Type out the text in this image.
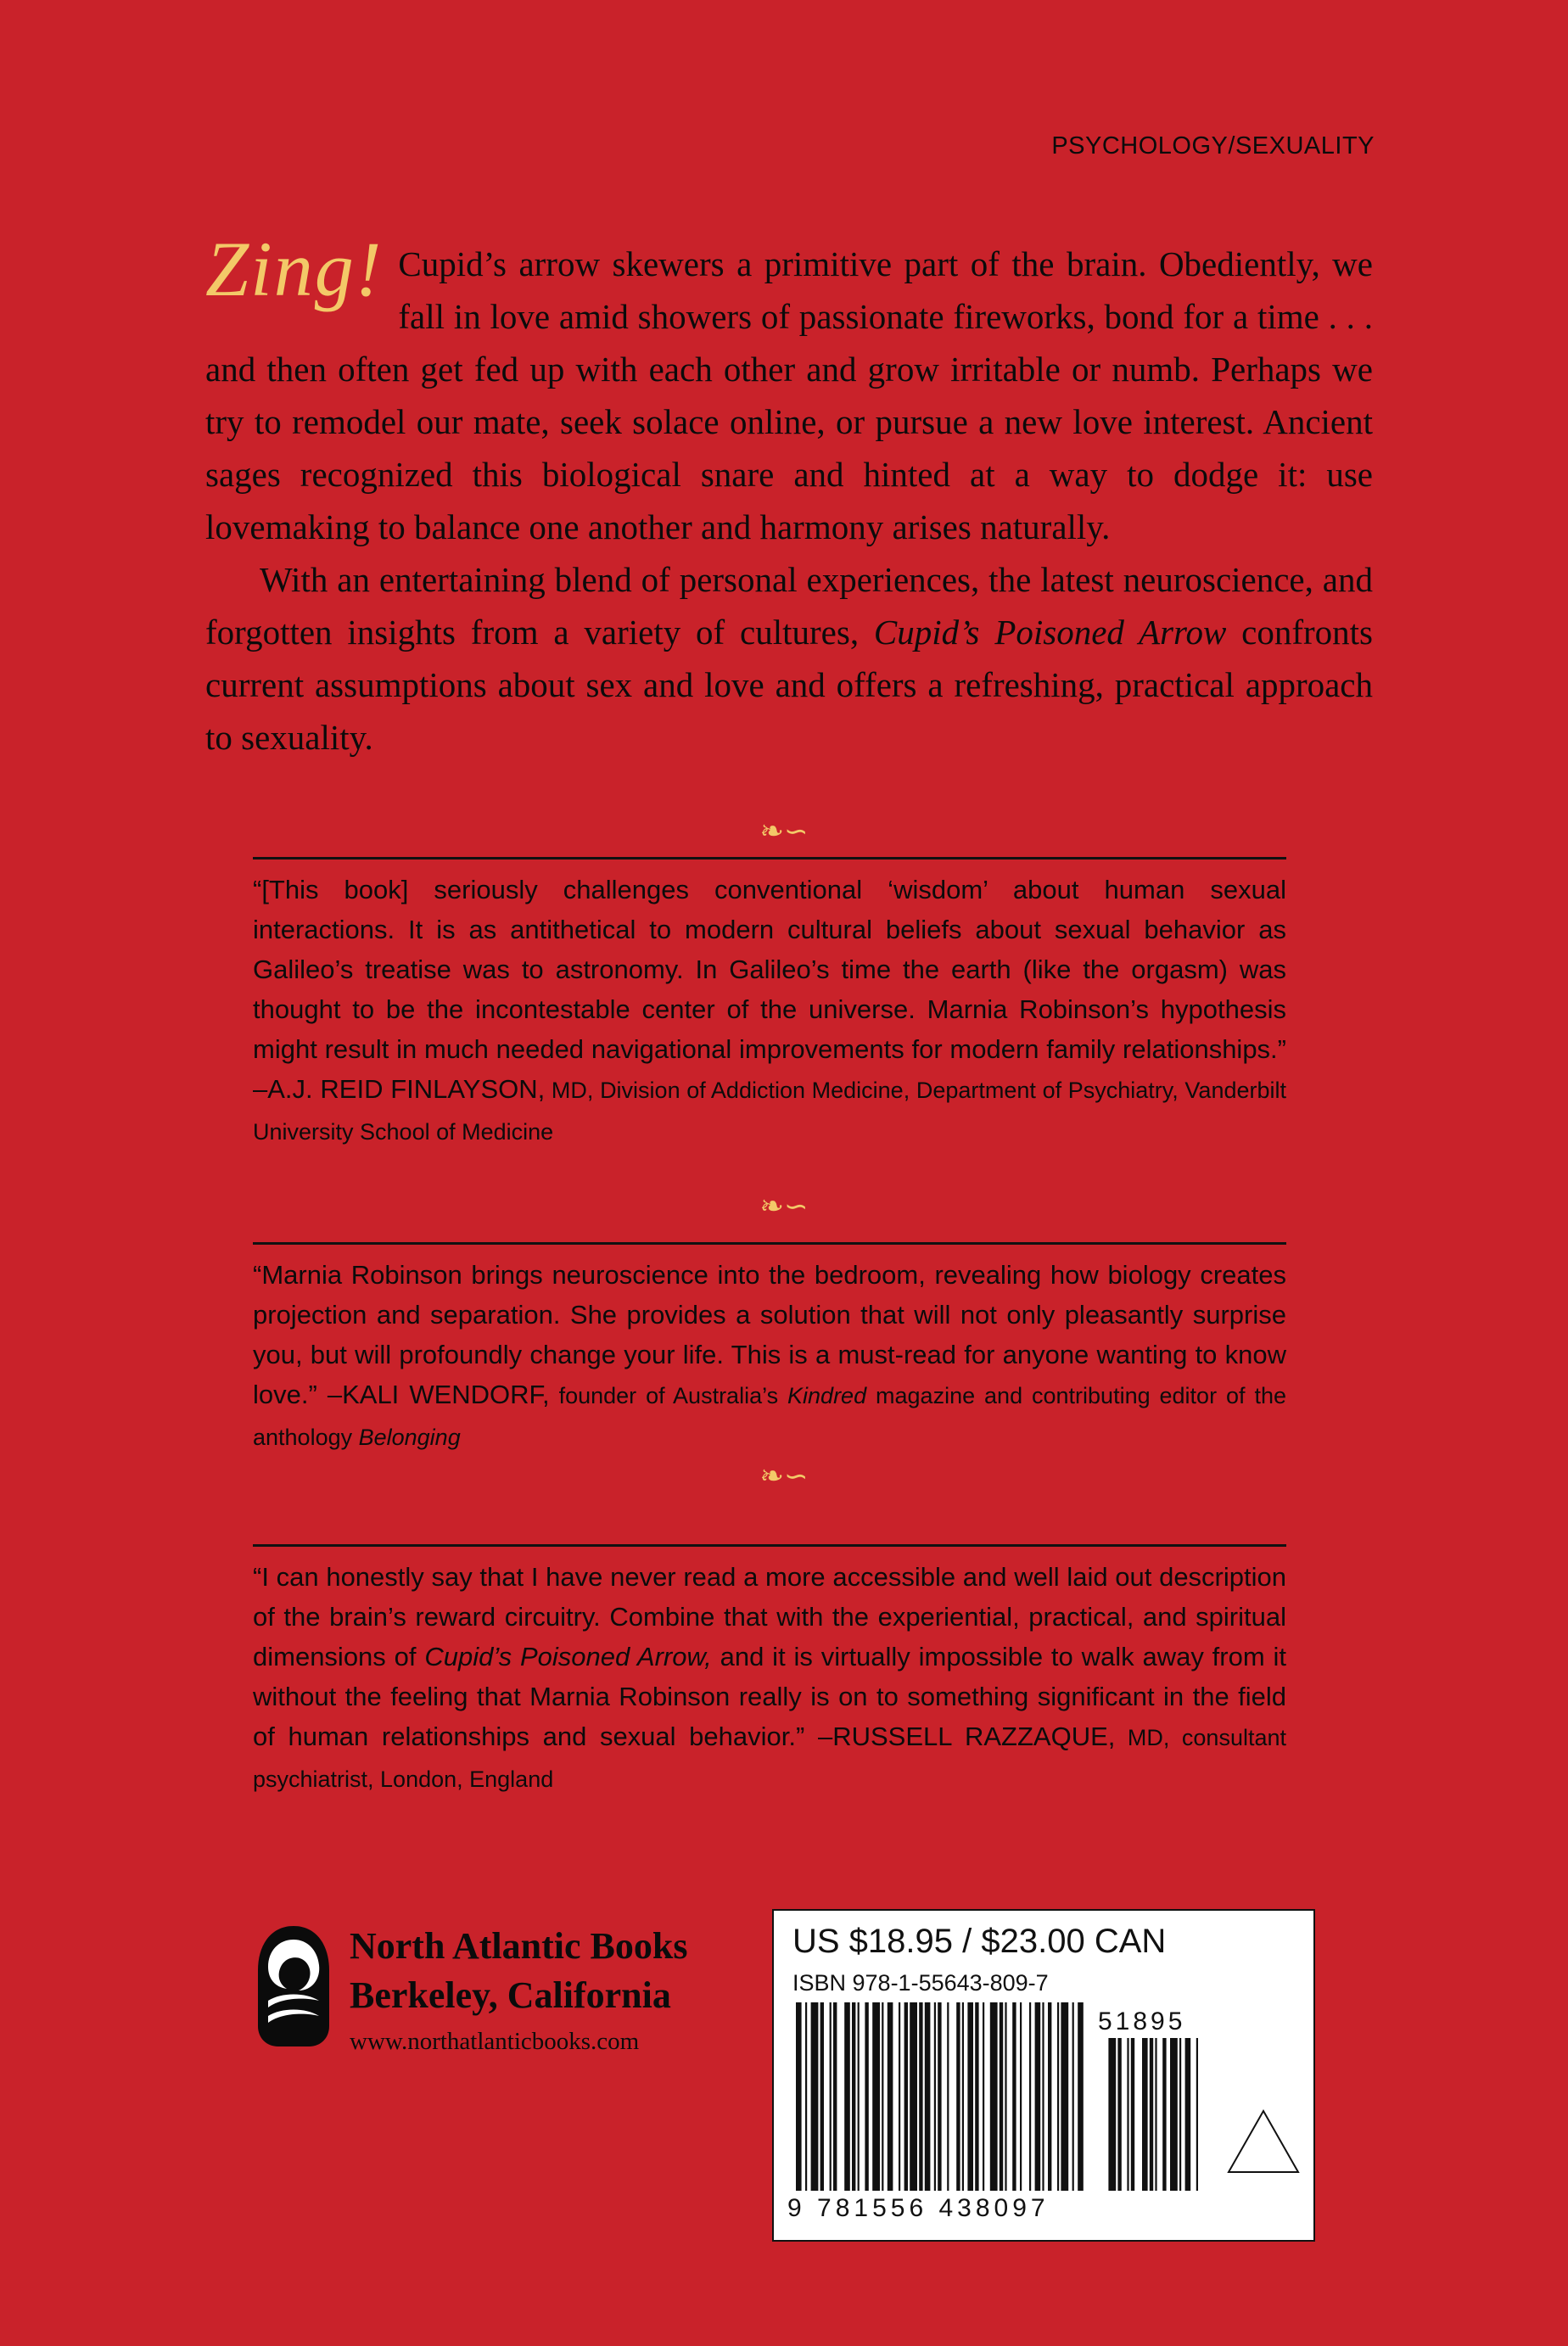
PSYCHOLOGY/SEXUALITY

Zing! Cupid’s arrow skewers a primitive part of the brain. Obediently, we fall in love amid showers of passionate fireworks, bond for a time . . . and then often get fed up with each other and grow irritable or numb. Perhaps we try to remodel our mate, seek solace online, or pursue a new love interest. Ancient sages recognized this biological snare and hinted at a way to dodge it: use lovemaking to balance one another and harmony arises naturally.

With an entertaining blend of personal experiences, the latest neuroscience, and forgotten insights from a variety of cultures, Cupid’s Poisoned Arrow confronts current assumptions about sex and love and offers a refreshing, practical approach to sexuality.

❧∽

“[This book] seriously challenges conventional ‘wisdom’ about human sexual interactions. It is as antithetical to modern cultural beliefs about sexual behavior as Galileo’s treatise was to astronomy. In Galileo’s time the earth (like the orgasm) was thought to be the incontestable center of the universe. Marnia Robinson’s hypothesis might result in much needed navigational improvements for modern family relationships.” –A.J. REID FINLAYSON, MD, Division of Addiction Medicine, Department of Psychiatry, Vanderbilt University School of Medicine

❧∽

“Marnia Robinson brings neuroscience into the bedroom, revealing how biology creates projection and separation. She provides a solution that will not only pleasantly surprise you, but will profoundly change your life. This is a must-read for anyone wanting to know love.” –KALI WENDORF, founder of Australia’s Kindred magazine and contributing editor of the anthology Belonging

❧∽

“I can honestly say that I have never read a more accessible and well laid out description of the brain’s reward circuitry. Combine that with the experiential, practical, and spiritual dimensions of Cupid’s Poisoned Arrow, and it is virtually impossible to walk away from it without the feeling that Marnia Robinson really is on to something significant in the field of human relationships and sexual behavior.” –RUSSELL RAZZAQUE, MD, consultant psychiatrist, London, England

North Atlantic Books

Berkeley, California

www.northatlanticbooks.com

US $18.95 / $23.00 CAN

ISBN 978-1-55643-809-7

51895

9 781556 438097
